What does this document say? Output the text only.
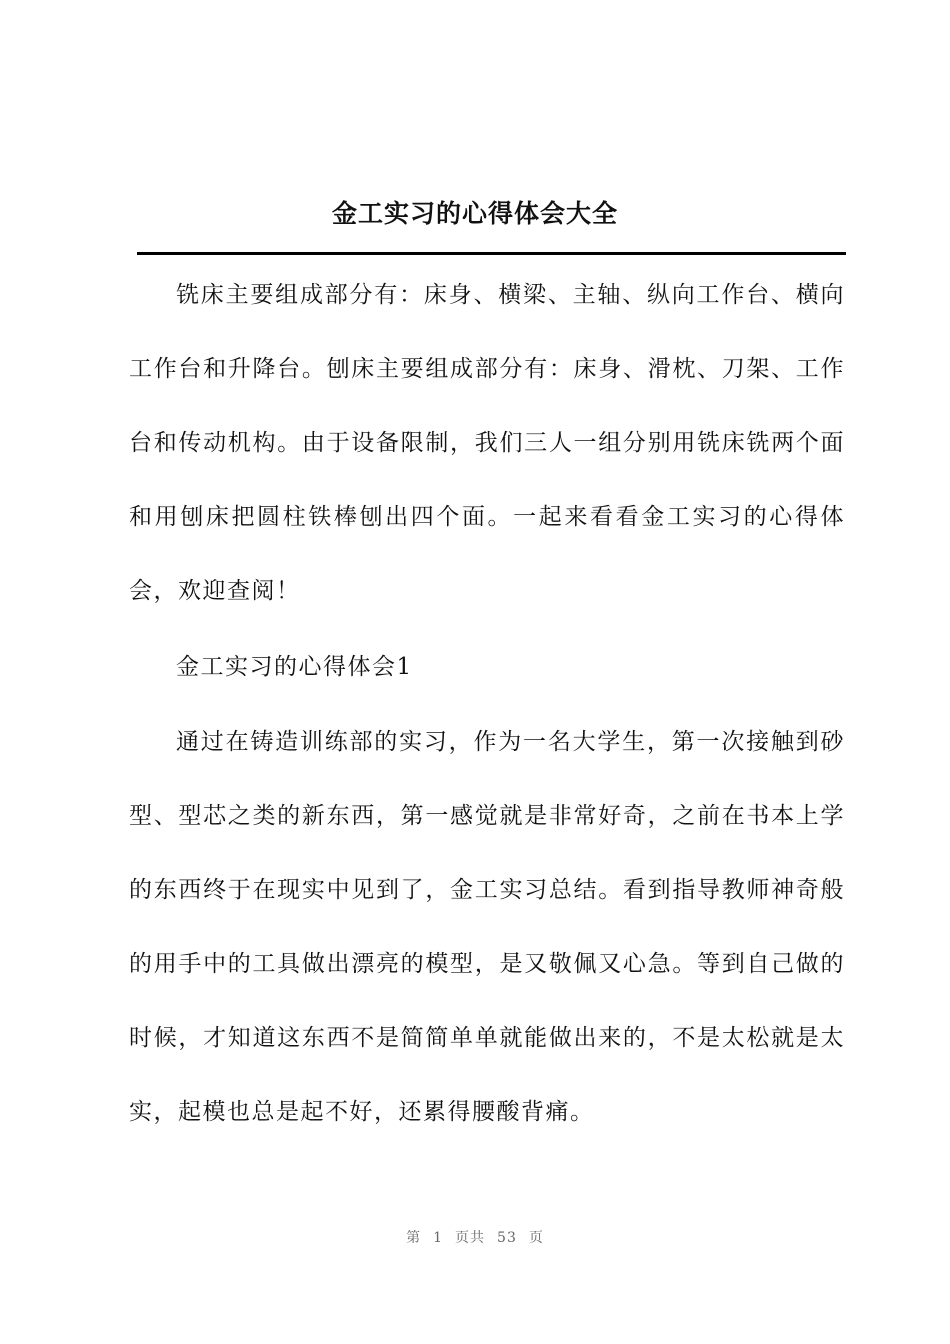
金工实习的心得体会大全

铣床主要组成部分有：床身、横梁、主轴、纵向工作台、横向工作台和升降台。刨床主要组成部分有：床身、滑枕、刀架、工作台和传动机构。由于设备限制，我们三人一组分别用铣床铣两个面和用刨床把圆柱铁棒刨出四个面。一起来看看金工实习的心得体会，欢迎查阅！

金工实习的心得体会1

通过在铸造训练部的实习，作为一名大学生，第一次接触到砂型、型芯之类的新东西，第一感觉就是非常好奇，之前在书本上学的东西终于在现实中见到了，金工实习总结。看到指导教师神奇般的用手中的工具做出漂亮的模型，是又敬佩又心急。等到自己做的时候，才知道这东西不是简简单单就能做出来的，不是太松就是太实，起模也总是起不好，还累得腰酸背痛。

第 1 页共 53 页
